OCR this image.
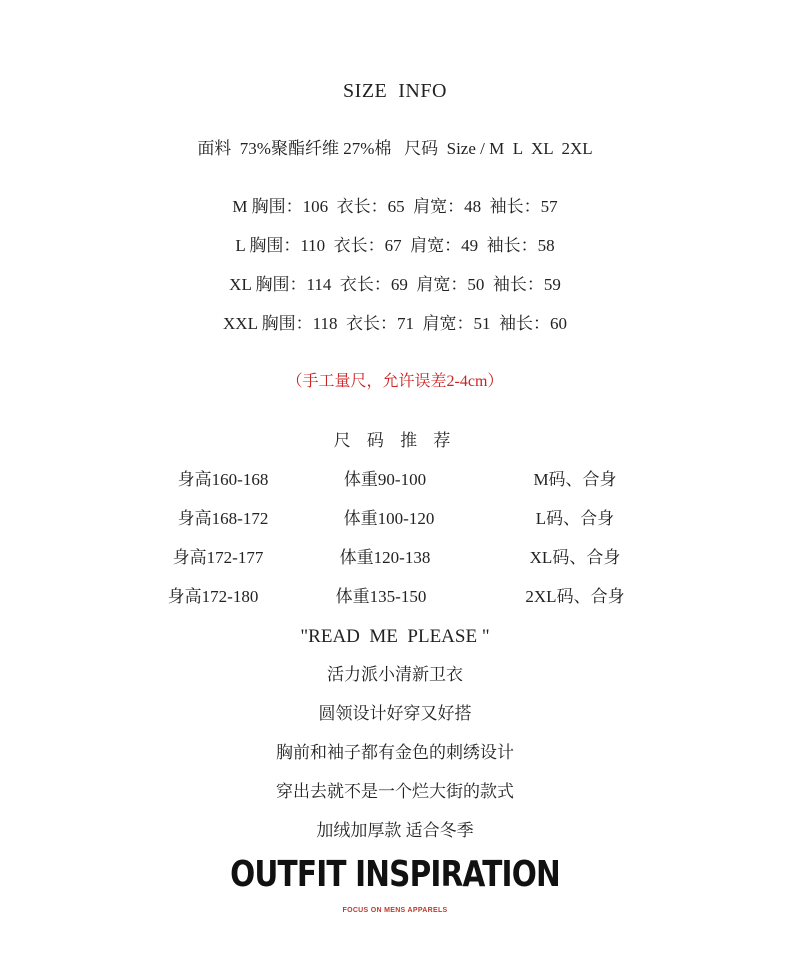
SIZE  INFO
面料  73%聚酯纤维 27%棉   尺码  Size / M  L  XL  2XL
M 胸围：106  衣长：65  肩宽：48  袖长：57
L 胸围：110  衣长：67  肩宽：49  袖长：58
XL 胸围：114  衣长：69  肩宽：50  袖长：59
XXL 胸围：118  衣长：71  肩宽：51  袖长：60
（手工量尺，允许误差2-4cm）
尺 码 推 荐
身高160-168	体重90-100	M码、合身
身高168-172	体重100-120	L码、合身
身高172-177	体重120-138	XL码、合身
身高172-180	体重135-150	2XL码、合身
"READ  ME  PLEASE "
活力派小清新卫衣
圆领设计好穿又好搭
胸前和袖子都有金色的刺绣设计
穿出去就不是一个烂大街的款式
加绒加厚款 适合冬季
OUTFIT INSPIRATION
FOCUS ON MENS APPARELS
